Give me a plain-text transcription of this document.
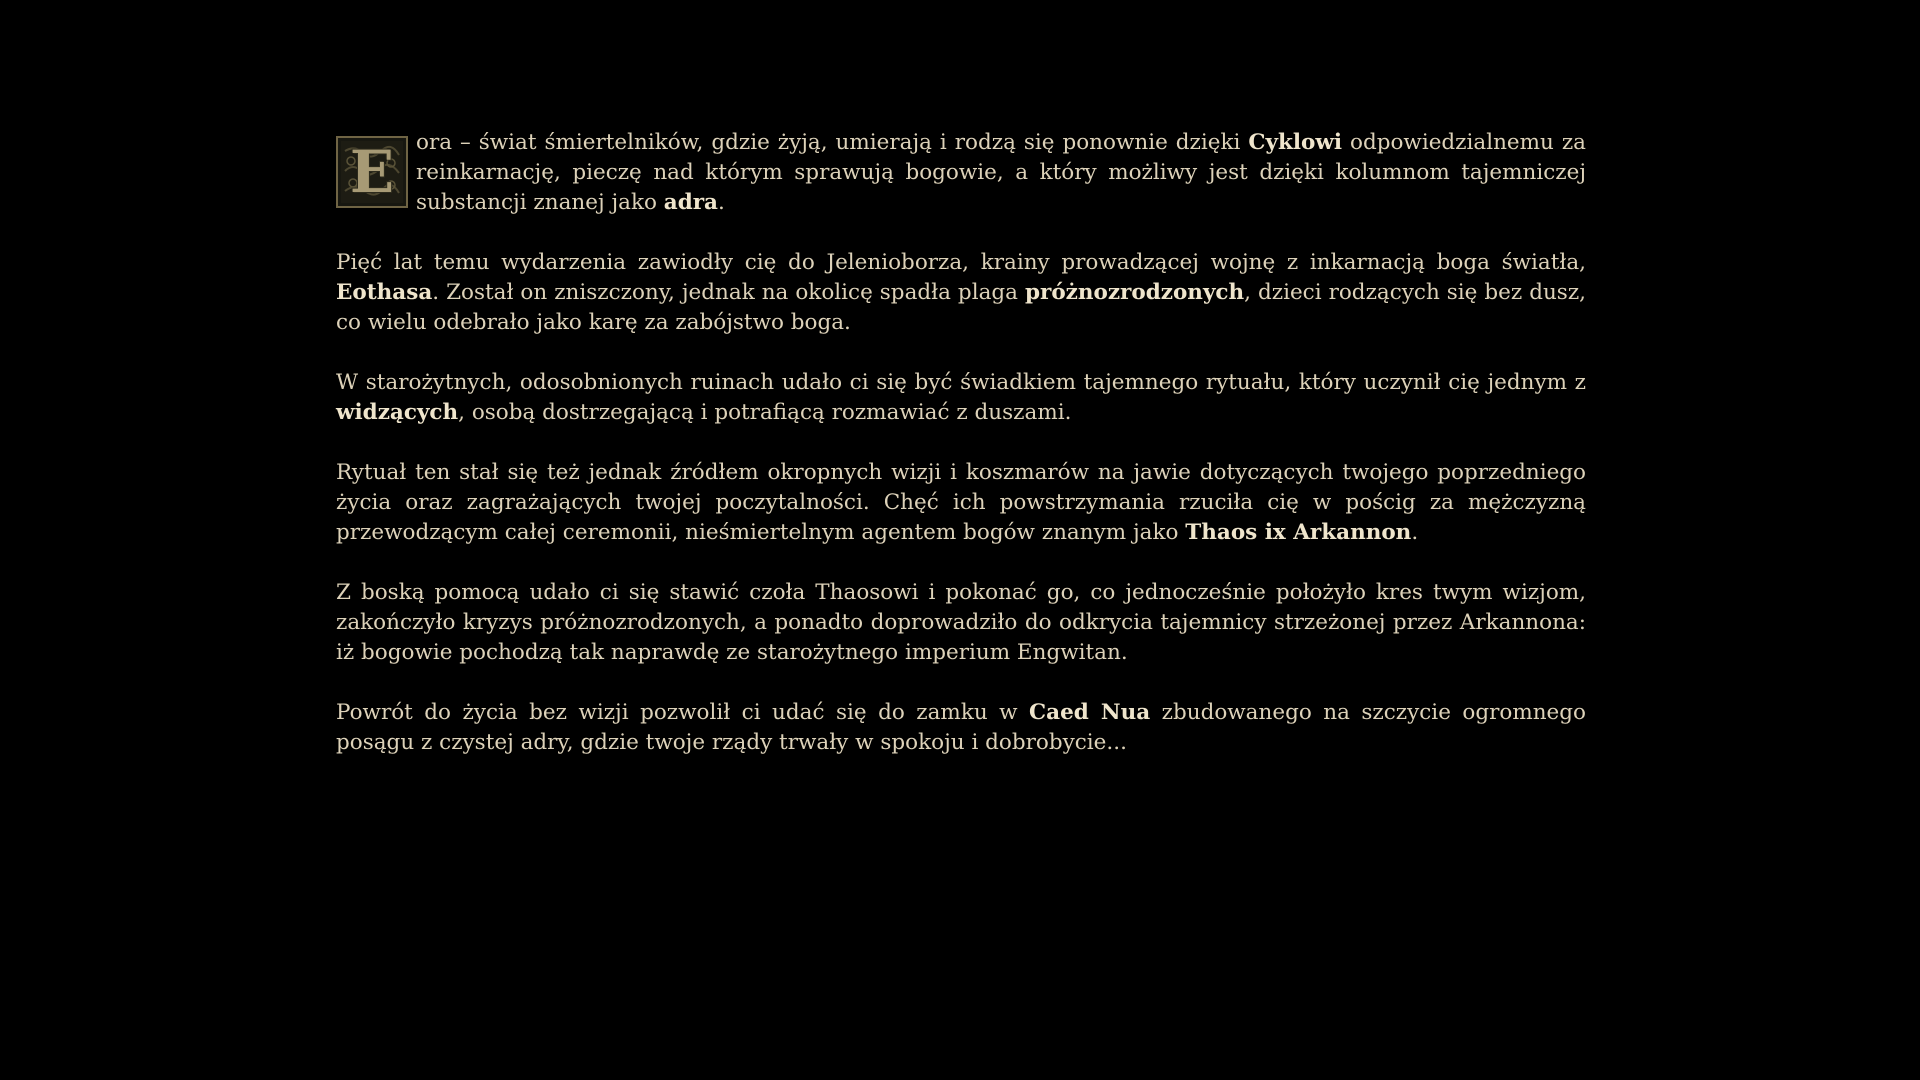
E	ora – świat śmiertelników, gdzie żyją, umierają i rodzą się ponownie dzięki Cyklowi odpowiedzialnemu za reinkarnację, pieczę nad którym sprawują bogowie, a który możliwy jest dzięki kolumnom tajemniczej substancji znanej jako adra.

Pięć lat temu wydarzenia zawiodły cię do Jelenioborza, krainy prowadzącej wojnę z inkarnacją boga światła, Eothasa. Został on zniszczony, jednak na okolicę spadła plaga próżnozrodzonych, dzieci rodzących się bez dusz, co wielu odebrało jako karę za zabójstwo boga.

W starożytnych, odosobnionych ruinach udało ci się być świadkiem tajemnego rytuału, który uczynił cię jednym z widzących, osobą dostrzegającą i potrafiącą rozmawiać z duszami.

Rytuał ten stał się też jednak źródłem okropnych wizji i koszmarów na jawie dotyczących twojego poprzedniego życia oraz zagrażających twojej poczytalności. Chęć ich powstrzymania rzuciła cię w pościg za mężczyzną przewodzącym całej ceremonii, nieśmiertelnym agentem bogów znanym jako Thaos ix Arkannon.

Z boską pomocą udało ci się stawić czoła Thaosowi i pokonać go, co jednocześnie położyło kres twym wizjom, zakończyło kryzys próżnozrodzonych, a ponadto doprowadziło do odkrycia tajemnicy strzeżonej przez Arkannona: iż bogowie pochodzą tak naprawdę ze starożytnego imperium Engwitan.

Powrót do życia bez wizji pozwolił ci udać się do zamku w Caed Nua zbudowanego na szczycie ogromnego posągu z czystej adry, gdzie twoje rządy trwały w spokoju i dobrobycie...
